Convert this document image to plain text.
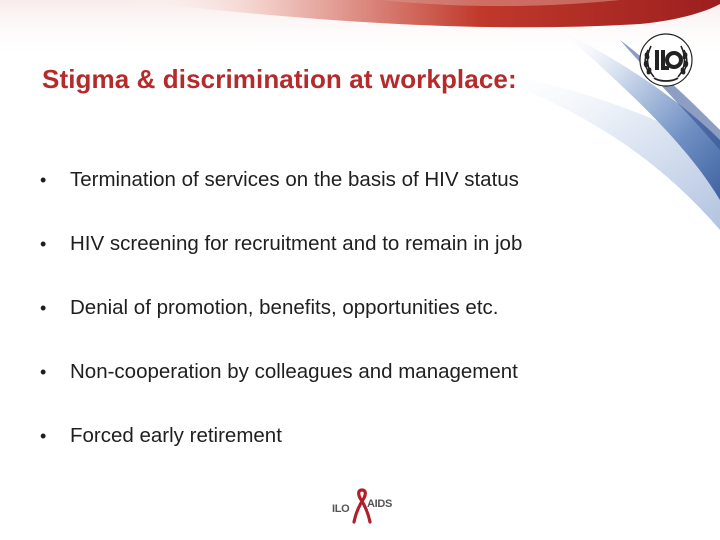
Stigma & discrimination at workplace:
• Termination of services on the basis of HIV status
• HIV screening for recruitment and to remain in job
• Denial of promotion, benefits, opportunities etc.
• Non-cooperation by colleagues and management
• Forced early retirement
ILO AIDS
